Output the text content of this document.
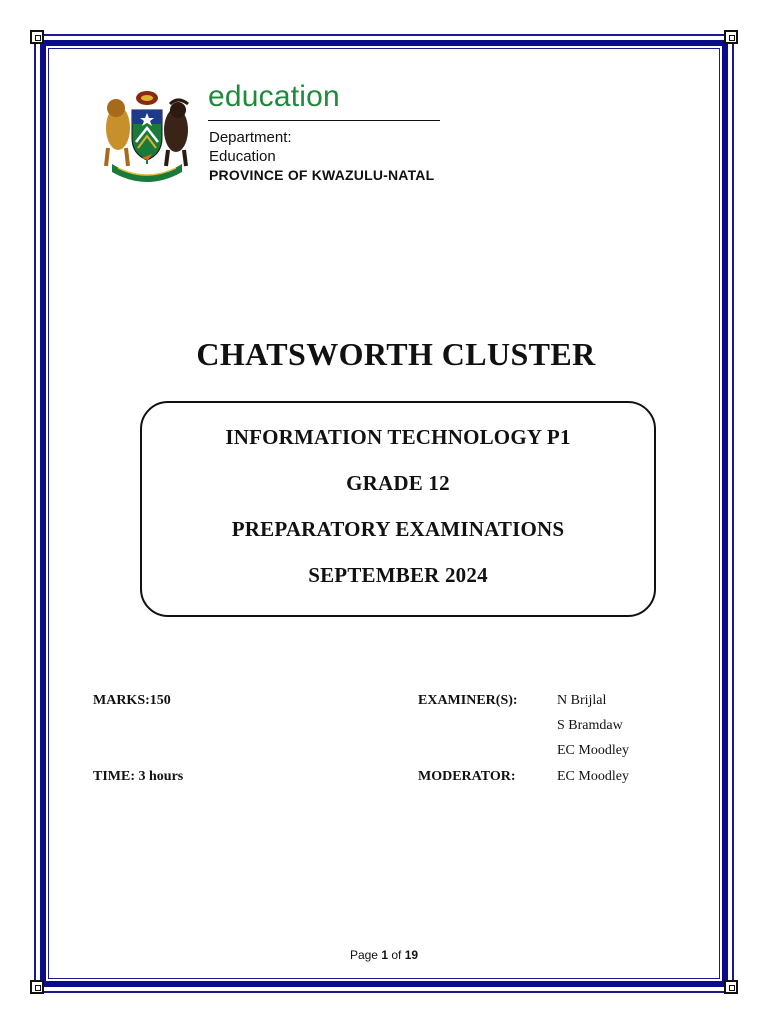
education
Department:
Education
PROVINCE OF KWAZULU-NATAL
CHATSWORTH CLUSTER
INFORMATION TECHNOLOGY P1
GRADE 12
PREPARATORY EXAMINATIONS
SEPTEMBER 2024
MARKS:150
TIME: 3 hours
EXAMINER(S):	N Brijlal
S Bramdaw
EC Moodley
MODERATOR:	EC Moodley
Page 1 of 19
